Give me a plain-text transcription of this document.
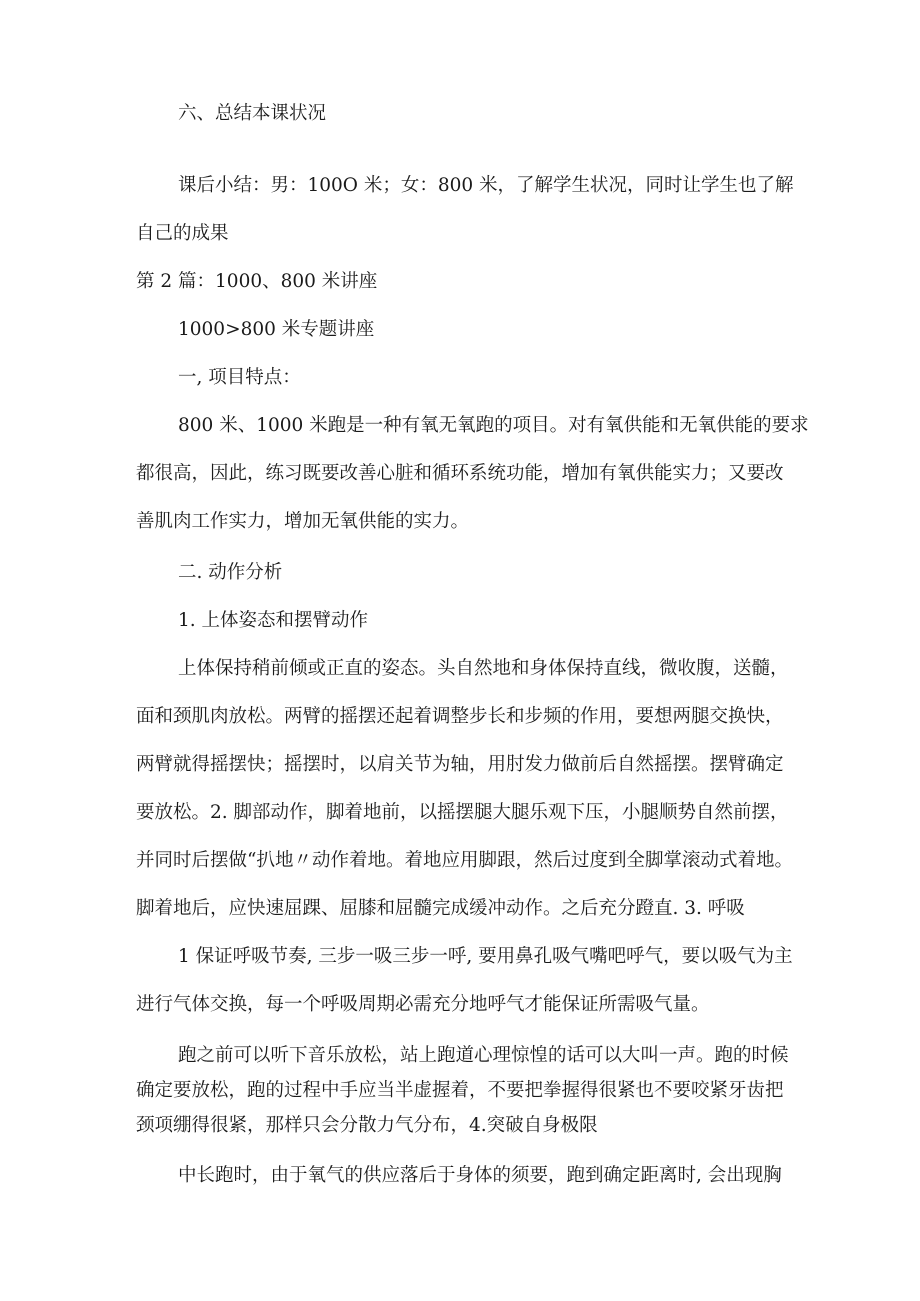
六、总结本课状况
课后小结：男：100O 米；女：800 米，了解学生状况，同时让学生也了解
自己的成果
第 2 篇：1000、800 米讲座
1000>800 米专题讲座
一, 项目特点：
800 米、1000 米跑是一种有氧无氧跑的项目。对有氧供能和无氧供能的要求
都很高，因此，练习既要改善心脏和循环系统功能，增加有氧供能实力；又要改
善肌肉工作实力，增加无氧供能的实力。
二. 动作分析
1. 上体姿态和摆臂动作
上体保持稍前倾或正直的姿态。头自然地和身体保持直线，微收腹，送髓，
面和颈肌肉放松。两臂的摇摆还起着调整步长和步频的作用，要想两腿交换快，
两臂就得摇摆快；摇摆时，以肩关节为轴，用肘发力做前后自然摇摆。摆臂确定
要放松。2. 脚部动作，脚着地前，以摇摆腿大腿乐观下压，小腿顺势自然前摆，
并同时后摆做“扒地〃动作着地。着地应用脚跟，然后过度到全脚掌滚动式着地。
脚着地后，应快速屈踝、屈膝和屈髓完成缓冲动作。之后充分蹬直. 3. 呼吸
1 保证呼吸节奏, 三步一吸三步一呼, 要用鼻孔吸气嘴吧呼气，要以吸气为主
进行气体交换，每一个呼吸周期必需充分地呼气才能保证所需吸气量。
跑之前可以听下音乐放松，站上跑道心理惊惶的话可以大叫一声。跑的时候
确定要放松，跑的过程中手应当半虚握着，不要把拳握得很紧也不要咬紧牙齿把
颈项绷得很紧，那样只会分散力气分布，4.突破自身极限
中长跑时，由于氧气的供应落后于身体的须要，跑到确定距离时, 会出现胸
